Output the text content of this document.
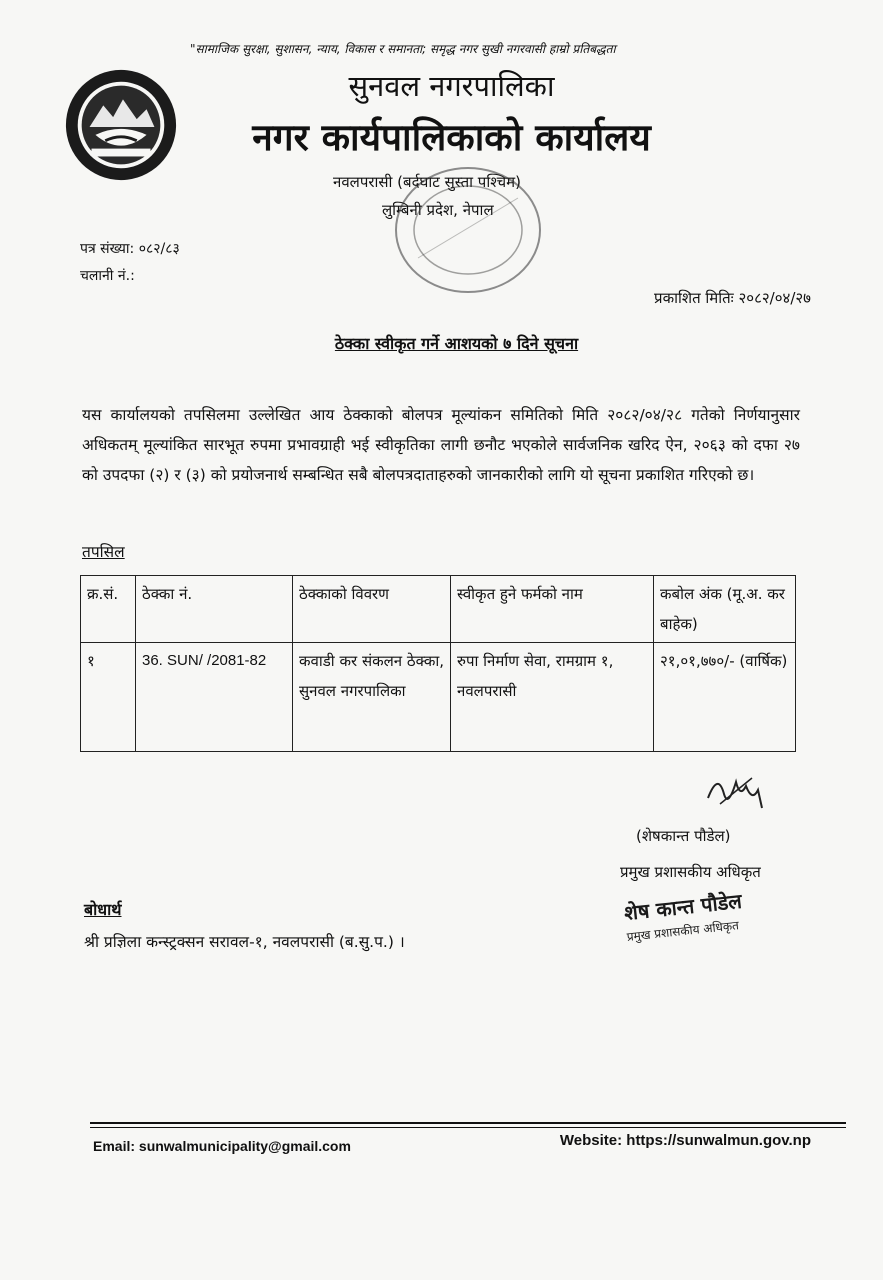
"सामाजिक सुरक्षा, सुशासन, न्याय, विकास र समानता; समृद्ध नगर सुखी नगरवासी हाम्रो प्रतिबद्धता
सुनवल नगरपालिका
नगर कार्यपालिकाको कार्यालय
नवलपरासी (बर्दघाट सुस्ता पश्चिम)
लुम्बिनी प्रदेश, नेपाल
पत्र संख्या: ०८२/८३
चलानी नं.:
प्रकाशित मितिः २०८२/०४/२७
ठेक्का स्वीकृत गर्ने आशयको ७ दिने सूचना
यस कार्यालयको तपसिलमा उल्लेखित आय ठेक्काको बोलपत्र मूल्यांकन समितिको मिति २०८२/०४/२८ गतेको निर्णयानुसार अधिकतम् मूल्यांकित सारभूत रुपमा प्रभावग्राही भई स्वीकृतिका लागी छनौट भएकोले सार्वजनिक खरिद ऐन, २०६३ को दफा २७ को उपदफा (२) र (३) को प्रयोजनार्थ सम्बन्धित सबै बोलपत्रदाताहरुको जानकारीको लागि यो सूचना प्रकाशित गरिएको छ।
तपसिल
क्र.सं.	ठेक्का नं.	ठेक्काको विवरण	स्वीकृत हुने फर्मको नाम	कबोल अंक (मू.अ. कर बाहेक)
१	36. SUN/ /2081-82	कवाडी कर संकलन ठेक्का, सुनवल नगरपालिका	रुपा निर्माण सेवा, रामग्राम १, नवलपरासी	२१,०१,७७०/- (वार्षिक)
(शेषकान्त पौडेल)
प्रमुख प्रशासकीय अधिकृत
बोधार्थ
श्री प्रज्ञिला कन्स्ट्रक्सन सरावल-१, नवलपरासी (ब.सु.प.) ।
शेष कान्त पौडेल
प्रमुख प्रशासकीय अधिकृत
Email: sunwalmunicipality@gmail.com	Website: https://sunwalmun.gov.np
